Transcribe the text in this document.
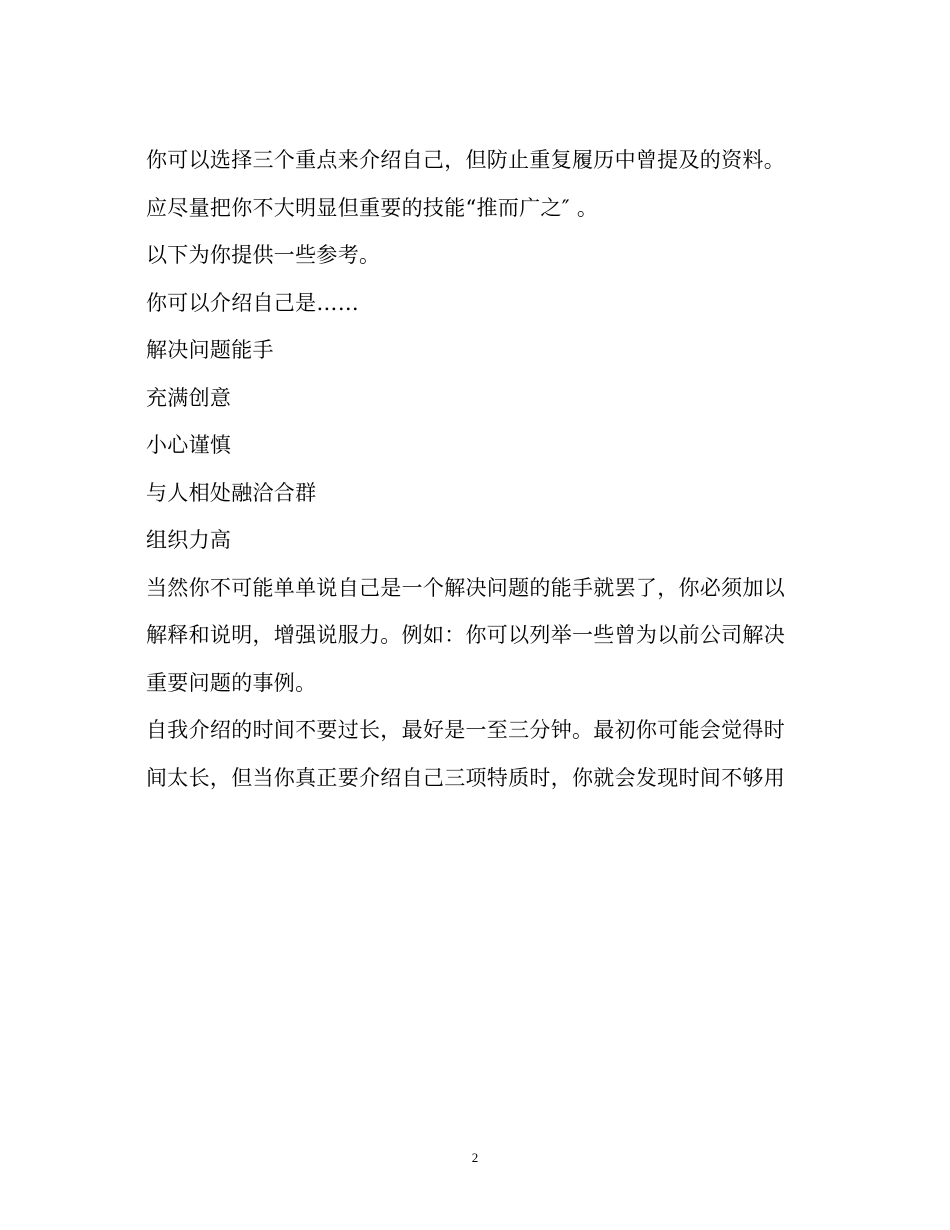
你可以选择三个重点来介绍自己，但防止重复履历中曾提及的资料。
应尽量把你不大明显但重要的技能“推而广之″ 。
以下为你提供一些参考。
你可以介绍自己是……
解决问题能手
充满创意
小心谨慎
与人相处融洽合群
组织力高
当然你不可能单单说自己是一个解决问题的能手就罢了，你必须加以
解释和说明，增强说服力。例如：你可以列举一些曾为以前公司解决
重要问题的事例。
自我介绍的时间不要过长，最好是一至三分钟。最初你可能会觉得时
间太长，但当你真正要介绍自己三项特质时，你就会发现时间不够用
2
